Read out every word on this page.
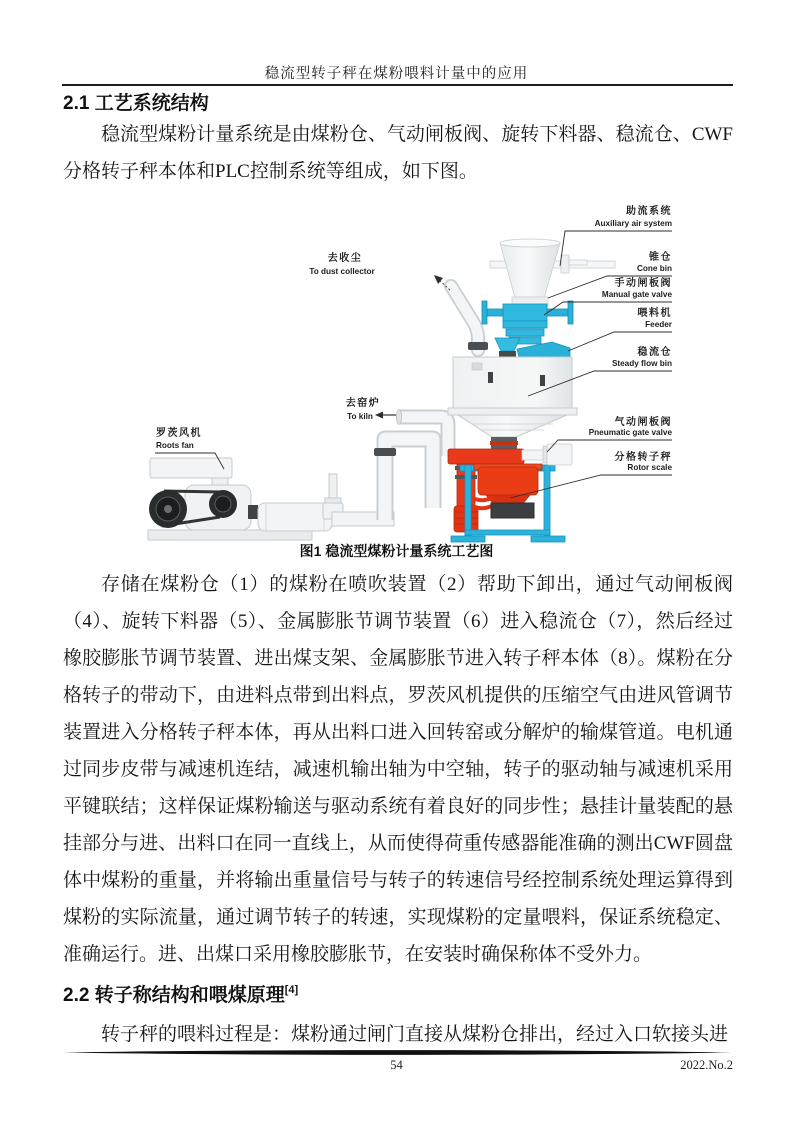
稳流型转子秤在煤粉喂料计量中的应用
2.1 工艺系统结构
稳流型煤粉计量系统是由煤粉仓、气动闸板阀、旋转下料器、稳流仓、CWF分格转子秤本体和PLC控制系统等组成，如下图。
助流系统
Auxiliary air system
锥仓
Cone bin
手动闸板阀
Manual gate valve
喂料机
Feeder
稳流仓
Steady flow bin
气动闸板阀
Pneumatic gate valve
分格转子秤
Rotor scale
去收尘
To dust collector
去窑炉
To kiln
罗茨风机
Roots fan
图1 稳流型煤粉计量系统工艺图
存储在煤粉仓（1）的煤粉在喷吹装置（2）帮助下卸出，通过气动闸板阀（4）、旋转下料器（5）、金属膨胀节调节装置（6）进入稳流仓（7），然后经过橡胶膨胀节调节装置、进出煤支架、金属膨胀节进入转子秤本体（8）。煤粉在分格转子的带动下，由进料点带到出料点，罗茨风机提供的压缩空气由进风管调节装置进入分格转子秤本体，再从出料口进入回转窑或分解炉的输煤管道。电机通过同步皮带与减速机连结，减速机输出轴为中空轴，转子的驱动轴与减速机采用平键联结；这样保证煤粉输送与驱动系统有着良好的同步性；悬挂计量装配的悬挂部分与进、出料口在同一直线上，从而使得荷重传感器能准确的测出CWF圆盘体中煤粉的重量，并将输出重量信号与转子的转速信号经控制系统处理运算得到煤粉的实际流量，通过调节转子的转速，实现煤粉的定量喂料，保证系统稳定、准确运行。进、出煤口采用橡胶膨胀节，在安装时确保称体不受外力。
2.2 转子称结构和喂煤原理[4]
转子秤的喂料过程是：煤粉通过闸门直接从煤粉仓排出，经过入口软接头进
54	2022.No.2
